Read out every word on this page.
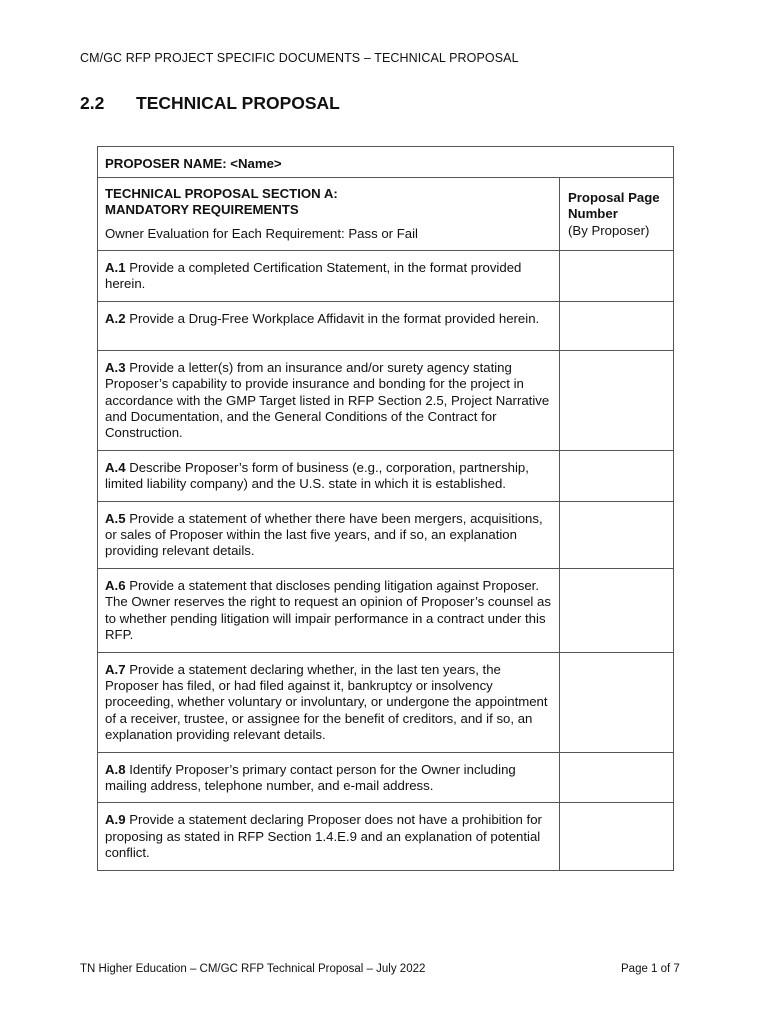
CM/GC RFP PROJECT SPECIFIC DOCUMENTS – TECHNICAL PROPOSAL
2.2 TECHNICAL PROPOSAL
PROPOSER NAME: <Name>	

TECHNICAL PROPOSAL SECTION A:
MANDATORY REQUIREMENTS
Owner Evaluation for Each Requirement: Pass or Fail	Proposal Page
Number
(By Proposer)

A.1 Provide a completed Certification Statement, in the format provided herein.	
A.2 Provide a Drug-Free Workplace Affidavit in the format provided herein.	
A.3 Provide a letter(s) from an insurance and/or surety agency stating Proposer’s capability to provide insurance and bonding for the project in accordance with the GMP Target listed in RFP Section 2.5, Project Narrative and Documentation, and the General Conditions of the Contract for Construction.	
A.4 Describe Proposer’s form of business (e.g., corporation, partnership, limited liability company) and the U.S. state in which it is established.	
A.5 Provide a statement of whether there have been mergers, acquisitions, or sales of Proposer within the last five years, and if so, an explanation providing relevant details.	
A.6 Provide a statement that discloses pending litigation against Proposer. The Owner reserves the right to request an opinion of Proposer’s counsel as to whether pending litigation will impair performance in a contract under this RFP.	
A.7 Provide a statement declaring whether, in the last ten years, the Proposer has filed, or had filed against it, bankruptcy or insolvency proceeding, whether voluntary or involuntary, or undergone the appointment of a receiver, trustee, or assignee for the benefit of creditors, and if so, an explanation providing relevant details.	
A.8 Identify Proposer’s primary contact person for the Owner including mailing address, telephone number, and e-mail address.	
A.9 Provide a statement declaring Proposer does not have a prohibition for proposing as stated in RFP Section 1.4.E.9 and an explanation of potential conflict.	
TN Higher Education – CM/GC RFP Technical Proposal – July 2022	Page 1 of 7
